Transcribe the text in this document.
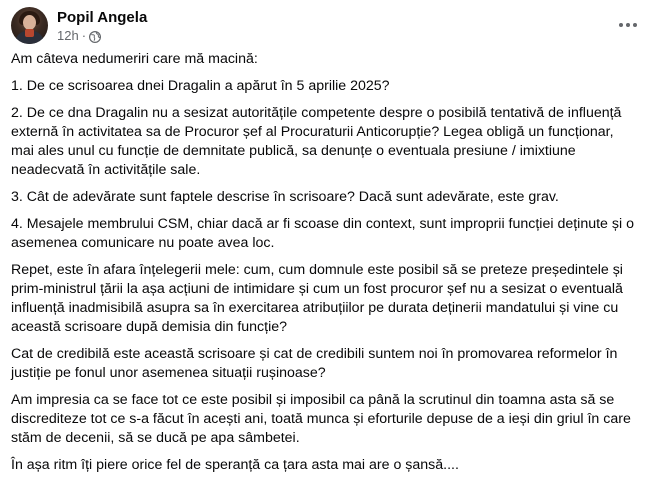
Popil Angela
12h ·

Am câteva nedumeriri care mă macină:

1. De ce scrisoarea dnei Dragalin a apărut în 5 aprilie 2025?

2. De ce dna Dragalin nu a sesizat autoritățile competente despre o posibilă tentativă de influență externă în activitatea sa de Procuror șef al Procuraturii Anticorupție? Legea obligă un funcționar, mai ales unul cu funcție de demnitate publică, sa denunțe o eventuala presiune / imixtiune neadecvată în activitățile sale.

3. Cât de adevărate sunt faptele descrise în scrisoare? Dacă sunt adevărate, este grav.

4. Mesajele membrului CSM, chiar dacă ar fi scoase din context, sunt improprii funcției deținute și o asemenea comunicare nu poate avea loc.

Repet, este în afara înțelegerii mele: cum, cum domnule este posibil să se preteze președintele și prim-ministrul țării la așa acțiuni de intimidare și cum un fost procuror șef nu a sesizat o eventuală influență inadmisibilă asupra sa în exercitarea atribuțiilor pe durata deținerii mandatului și vine cu această scrisoare după demisia din funcție?

Cat de credibilă este această scrisoare și cat de credibili suntem noi în promovarea reformelor în justiție pe fonul unor asemenea situații rușinoase?

Am impresia ca se face tot ce este posibil și imposibil ca până la scrutinul din toamna asta să se discrediteze tot ce s-a făcut în acești ani, toată munca și eforturile depuse de a ieși din griul în care stăm de decenii, să se ducă pe apa sâmbetei.

În așa ritm îți piere orice fel de speranță ca țara asta mai are o șansă....
